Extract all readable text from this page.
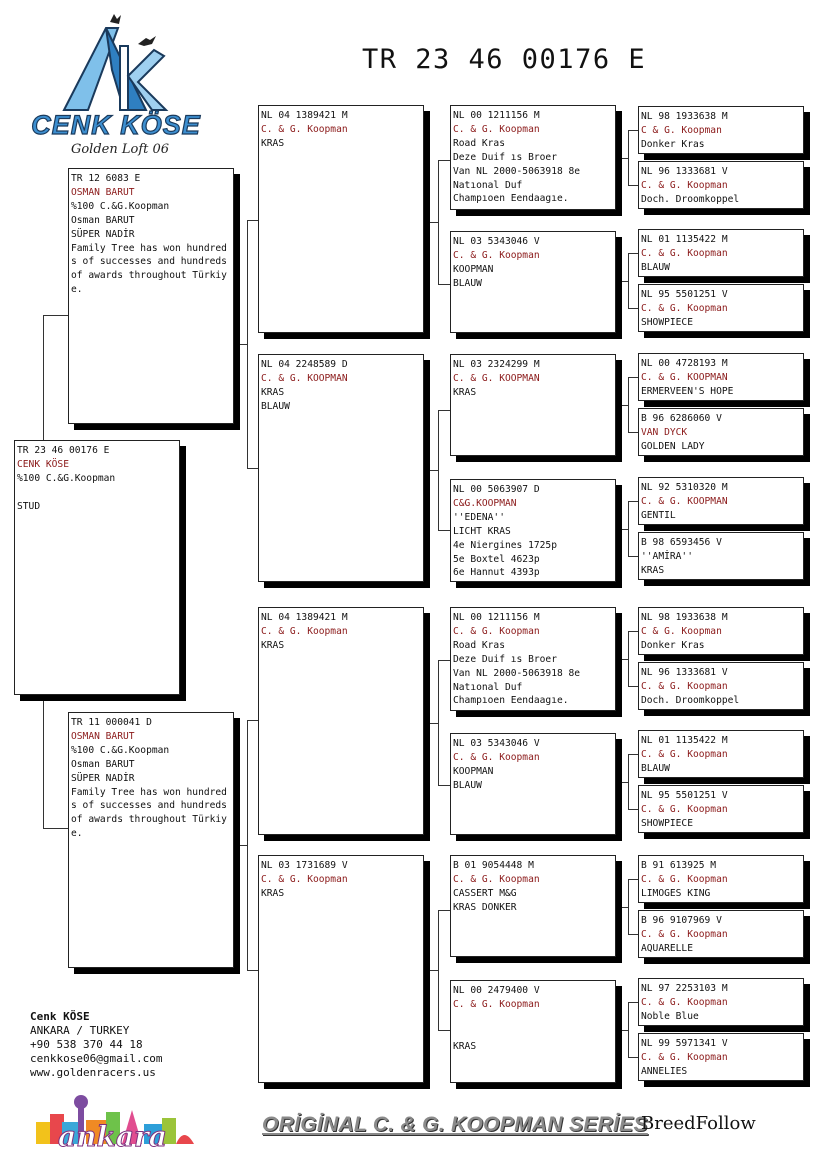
CENK KÖSE
Golden Loft 06
TR 23 46 00176 E
TR 23 46 00176 E
CENK KÖSE
%100 C.&G.Koopman

STUD
TR 12 6083 E
OSMAN BARUT
%100 C.&G.Koopman
Osman BARUT
SÜPER NADİR
Family Tree has won hundreds of successes and hundreds of awards throughout Türkiye.
TR 11 000041 D
OSMAN BARUT
%100 C.&G.Koopman
Osman BARUT
SÜPER NADİR
Family Tree has won hundreds of successes and hundreds of awards throughout Türkiye.
NL 04 1389421 M
C. & G. Koopman
KRAS
NL 04 2248589 D
C. & G. KOOPMAN
KRAS
BLAUW
NL 04 1389421 M
C. & G. Koopman
KRAS
NL 03 1731689 V
C. & G. Koopman
KRAS
NL 00 1211156 M
C. & G. Koopman
Road Kras
Deze Duif ıs Broer
Van NL 2000-5063918 8e
Natıonal Duf
Champıoen Eendaagıe.
NL 03 5343046 V
C. & G. Koopman
KOOPMAN
BLAUW
NL 03 2324299 M
C. & G. KOOPMAN
KRAS
NL 00 5063907 D
C&G.KOOPMAN
''EDENA''
LICHT KRAS
4e Niergines 1725p
5e Boxtel 4623p
6e Hannut 4393p
NL 00 1211156 M
C. & G. Koopman
Road Kras
Deze Duif ıs Broer
Van NL 2000-5063918 8e
Natıonal Duf
Champıoen Eendaagıe.
NL 03 5343046 V
C. & G. Koopman
KOOPMAN
BLAUW
B 01 9054448 M
C. & G. Koopman
CASSERT M&G
KRAS DONKER
NL 00 2479400 V
C. & G. Koopman

KRAS
NL 98 1933638 M
C & G. Koopman
Donker Kras
NL 96 1333681 V
C. & G. Koopman
Doch. Droomkoppel
NL 01 1135422 M
C. & G. Koopman
BLAUW
NL 95 5501251 V
C. & G. Koopman
SHOWPIECE
NL 00 4728193 M
C. & G. KOOPMAN
ERMERVEEN'S HOPE
B 96 6286060 V
VAN DYCK
GOLDEN LADY
NL 92 5310320 M
C. & G. KOOPMAN
GENTIL
B 98 6593456 V
''AMİRA''
KRAS
NL 98 1933638 M
C & G. Koopman
Donker Kras
NL 96 1333681 V
C. & G. Koopman
Doch. Droomkoppel
NL 01 1135422 M
C. & G. Koopman
BLAUW
NL 95 5501251 V
C. & G. Koopman
SHOWPIECE
B 91 613925 M
C. & G. Koopman
LIMOGES KING
B 96 9107969 V
C. & G. Koopman
AQUARELLE
NL 97 2253103 M
C. & G. Koopman
Noble Blue
NL 99 5971341 V
C. & G. Koopman
ANNELIES
Cenk KÖSE
ANKARA / TURKEY
+90 538 370 44 18
cenkkose06@gmail.com
www.goldenracers.us
ankara	ORİGİNAL C. & G. KOOPMAN SERİES
BreedFollow
